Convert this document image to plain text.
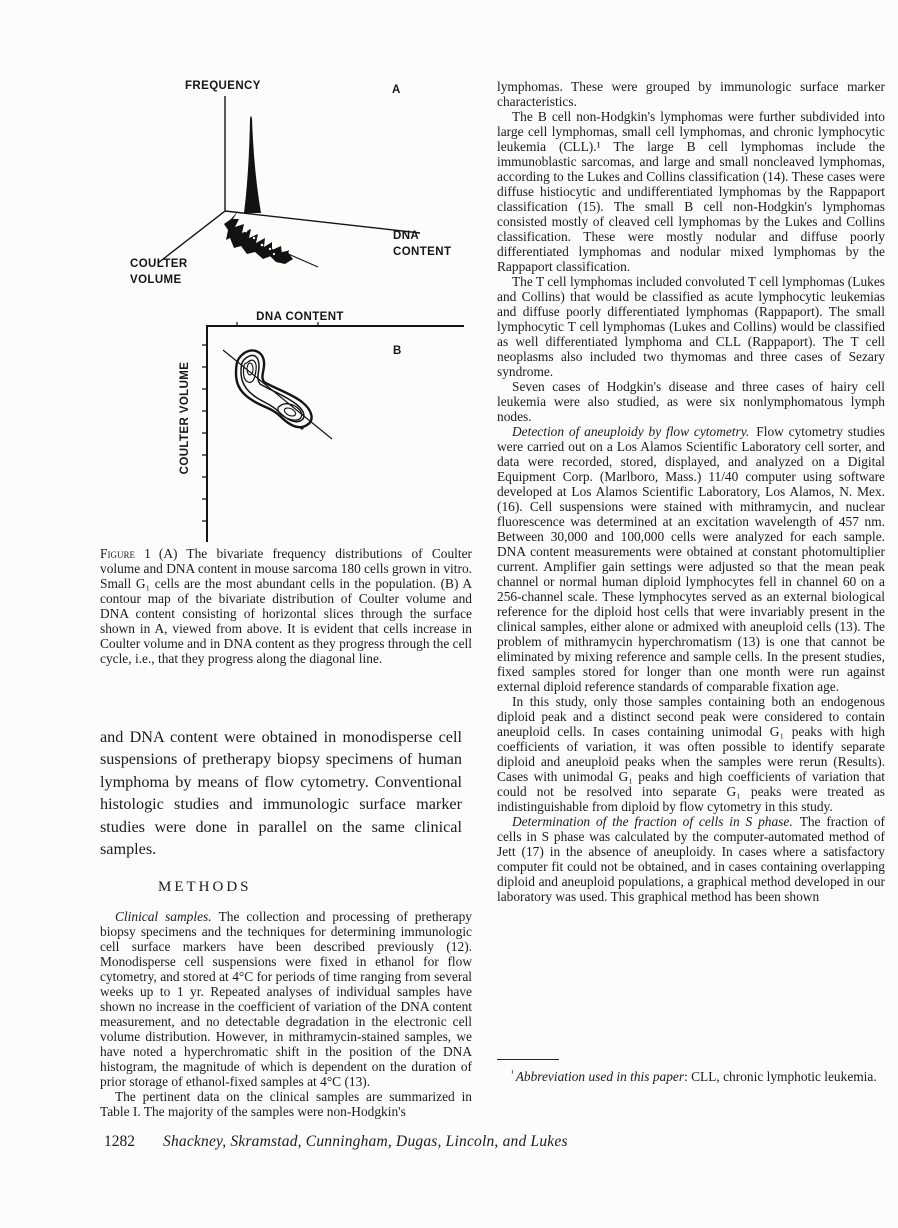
FREQUENCY	A
DNA
CONTENT
COULTER
VOLUME
DNA CONTENT
COULTER VOLUME
B
Figure 1 (A) The bivariate frequency distributions of Coulter volume and DNA content in mouse sarcoma 180 cells grown in vitro. Small G₁ cells are the most abundant cells in the population. (B) A contour map of the bivariate distribution of Coulter volume and DNA content consisting of horizontal slices through the surface shown in A, viewed from above. It is evident that cells increase in Coulter volume and in DNA content as they progress through the cell cycle, i.e., that they progress along the diagonal line.
and DNA content were obtained in monodisperse cell suspensions of pretherapy biopsy specimens of human lymphoma by means of flow cytometry. Conventional histologic studies and immunologic surface marker studies were done in parallel on the same clinical samples.
METHODS

Clinical samples. The collection and processing of pretherapy biopsy specimens and the techniques for determining immunologic cell surface markers have been described previously (12). Monodisperse cell suspensions were fixed in ethanol for flow cytometry, and stored at 4°C for periods of time ranging from several weeks up to 1 yr. Repeated analyses of individual samples have shown no increase in the coefficient of variation of the DNA content measurement, and no detectable degradation in the electronic cell volume distribution. However, in mithramycin-stained samples, we have noted a hyperchromatic shift in the position of the DNA histogram, the magnitude of which is dependent on the duration of prior storage of ethanol-fixed samples at 4°C (13).

The pertinent data on the clinical samples are summarized in Table I. The majority of the samples were non-Hodgkin's

lymphomas. These were grouped by immunologic surface marker characteristics.

The B cell non-Hodgkin's lymphomas were further subdivided into large cell lymphomas, small cell lymphomas, and chronic lymphocytic leukemia (CLL).¹ The large B cell lymphomas include the immunoblastic sarcomas, and large and small noncleaved lymphomas, according to the Lukes and Collins classification (14). These cases were diffuse histiocytic and undifferentiated lymphomas by the Rappaport classification (15). The small B cell non-Hodgkin's lymphomas consisted mostly of cleaved cell lymphomas by the Lukes and Collins classification. These were mostly nodular and diffuse poorly differentiated lymphomas and nodular mixed lymphomas by the Rappaport classification.

The T cell lymphomas included convoluted T cell lymphomas (Lukes and Collins) that would be classified as acute lymphocytic leukemias and diffuse poorly differentiated lymphomas (Rappaport). The small lymphocytic T cell lymphomas (Lukes and Collins) would be classified as well differentiated lymphoma and CLL (Rappaport). The T cell neoplasms also included two thymomas and three cases of Sezary syndrome.

Seven cases of Hodgkin's disease and three cases of hairy cell leukemia were also studied, as were six nonlymphomatous lymph nodes.

Detection of aneuploidy by flow cytometry. Flow cytometry studies were carried out on a Los Alamos Scientific Laboratory cell sorter, and data were recorded, stored, displayed, and analyzed on a Digital Equipment Corp. (Marlboro, Mass.) 11/40 computer using software developed at Los Alamos Scientific Laboratory, Los Alamos, N. Mex. (16). Cell suspensions were stained with mithramycin, and nuclear fluorescence was determined at an excitation wavelength of 457 nm. Between 30,000 and 100,000 cells were analyzed for each sample. DNA content measurements were obtained at constant photomultiplier current. Amplifier gain settings were adjusted so that the mean peak channel or normal human diploid lymphocytes fell in channel 60 on a 256-channel scale. These lymphocytes served as an external biological reference for the diploid host cells that were invariably present in the clinical samples, either alone or admixed with aneuploid cells (13). The problem of mithramycin hyperchromatism (13) is one that cannot be eliminated by mixing reference and sample cells. In the present studies, fixed samples stored for longer than one month were run against external diploid reference standards of comparable fixation age.

In this study, only those samples containing both an endogenous diploid peak and a distinct second peak were considered to contain aneuploid cells. In cases containing unimodal G₁ peaks with high coefficients of variation, it was often possible to identify separate diploid and aneuploid peaks when the samples were rerun (Results). Cases with unimodal G₁ peaks and high coefficients of variation that could not be resolved into separate G₁ peaks were treated as indistinguishable from diploid by flow cytometry in this study.

Determination of the fraction of cells in S phase. The fraction of cells in S phase was calculated by the computer-automated method of Jett (17) in the absence of aneuploidy. In cases where a satisfactory computer fit could not be obtained, and in cases containing overlapping diploid and aneuploid populations, a graphical method developed in our laboratory was used. This graphical method has been shown

$^{^1}$ Abbreviation used in this paper: CLL, chronic lymphotic leukemia.
1282 Shackney, Skramstad, Cunningham, Dugas, Lincoln, and Lukes
